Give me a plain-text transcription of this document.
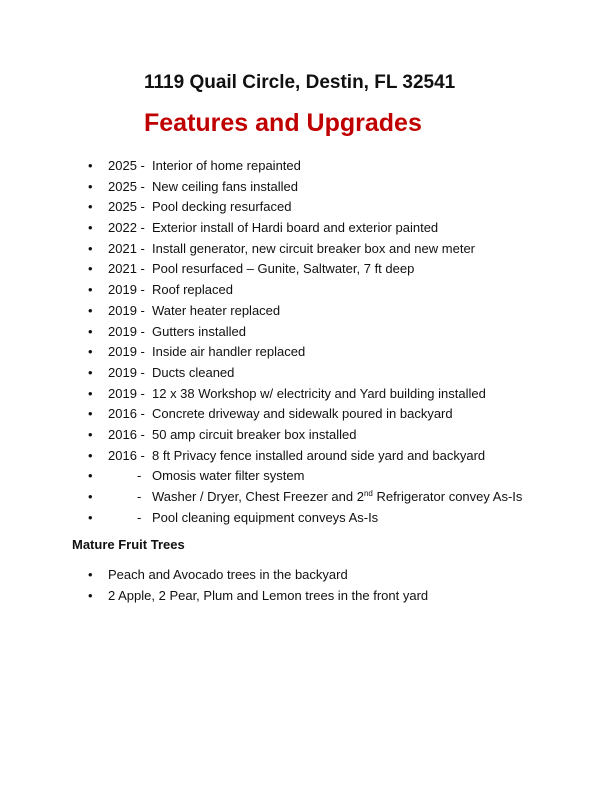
1119 Quail Circle, Destin, FL 32541
Features and Upgrades
•	2025 - Interior of home repainted
•	2025 - New ceiling fans installed
•	2025 - Pool decking resurfaced
•	2022 - Exterior install of Hardi board and exterior painted
•	2021 - Install generator, new circuit breaker box and new meter
•	2021 - Pool resurfaced – Gunite, Saltwater, 7 ft deep
•	2019 - Roof replaced
•	2019 - Water heater replaced
•	2019 - Gutters installed
•	2019 - Inside air handler replaced
•	2019 - Ducts cleaned
•	2019 - 12 x 38 Workshop w/ electricity and Yard building installed
•	2016 - Concrete driveway and sidewalk poured in backyard
•	2016 - 50 amp circuit breaker box installed
•	2016 - 8 ft Privacy fence installed around side yard and backyard
•	- Omosis water filter system
•	- Washer / Dryer, Chest Freezer and 2nd Refrigerator convey As-Is
•	- Pool cleaning equipment conveys As-Is
Mature Fruit Trees
•	Peach and Avocado trees in the backyard
•	2 Apple, 2 Pear, Plum and Lemon trees in the front yard
